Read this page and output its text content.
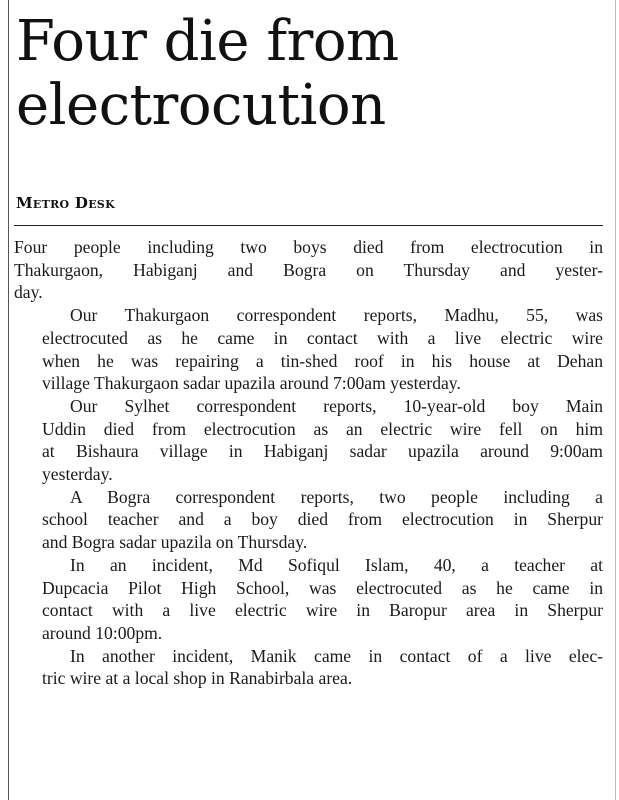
Four die from
electrocution
Metro Desk

Four people including two boys died from electrocution in
Thakurgaon, Habiganj and Bogra on Thursday and yester-
day.

Our Thakurgaon correspondent reports, Madhu, 55, was
electrocuted as he came in contact with a live electric wire
when he was repairing a tin-shed roof in his house at Dehan
village Thakurgaon sadar upazila around 7:00am yesterday.

Our Sylhet correspondent reports, 10-year-old boy Main
Uddin died from electrocution as an electric wire fell on him
at Bishaura village in Habiganj sadar upazila around 9:00am
yesterday.

A Bogra correspondent reports, two people including a
school teacher and a boy died from electrocution in Sherpur
and Bogra sadar upazila on Thursday.

In an incident, Md Sofiqul Islam, 40, a teacher at
Dupcacia Pilot High School, was electrocuted as he came in
contact with a live electric wire in Baropur area in Sherpur
around 10:00pm.

In another incident, Manik came in contact of a live elec-
tric wire at a local shop in Ranabirbala area.
